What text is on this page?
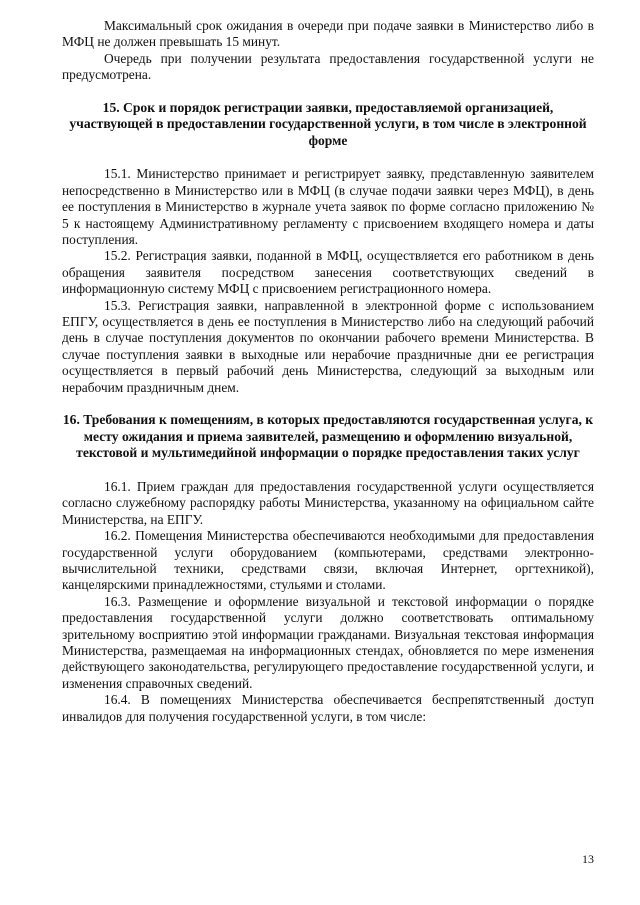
Максимальный срок ожидания в очереди при подаче заявки в Министерство либо в МФЦ не должен превышать 15 минут.

Очередь при получении результата предоставления государственной услуги не предусмотрена.

15. Срок и порядок регистрации заявки, предоставляемой организацией, участвующей в предоставлении государственной услуги, в том числе в электронной форме

15.1. Министерство принимает и регистрирует заявку, представленную заявителем непосредственно в Министерство или в МФЦ (в случае подачи заявки через МФЦ), в день ее поступления в Министерство в журнале учета заявок по форме согласно приложению № 5 к настоящему Административному регламенту с присвоением входящего номера и даты поступления.

15.2. Регистрация заявки, поданной в МФЦ, осуществляется его работником в день обращения заявителя посредством занесения соответствующих сведений в информационную систему МФЦ с присвоением регистрационного номера.

15.3. Регистрация заявки, направленной в электронной форме с использованием ЕПГУ, осуществляется в день ее поступления в Министерство либо на следующий рабочий день в случае поступления документов по окончании рабочего времени Министерства. В случае поступления заявки в выходные или нерабочие праздничные дни ее регистрация осуществляется в первый рабочий день Министерства, следующий за выходным или нерабочим праздничным днем.

16. Требования к помещениям, в которых предоставляются государственная услуга, к месту ожидания и приема заявителей, размещению и оформлению визуальной, текстовой и мультимедийной информации о порядке предоставления таких услуг

16.1. Прием граждан для предоставления государственной услуги осуществляется согласно служебному распорядку работы Министерства, указанному на официальном сайте Министерства, на ЕПГУ.

16.2. Помещения Министерства обеспечиваются необходимыми для предоставления государственной услуги оборудованием (компьютерами, средствами электронно-вычислительной техники, средствами связи, включая Интернет, оргтехникой), канцелярскими принадлежностями, стульями и столами.

16.3. Размещение и оформление визуальной и текстовой информации о порядке предоставления государственной услуги должно соответствовать оптимальному зрительному восприятию этой информации гражданами. Визуальная текстовая информация Министерства, размещаемая на информационных стендах, обновляется по мере изменения действующего законодательства, регулирующего предоставление государственной услуги, и изменения справочных сведений.

16.4. В помещениях Министерства обеспечивается беспрепятственный доступ инвалидов для получения государственной услуги, в том числе:

13
